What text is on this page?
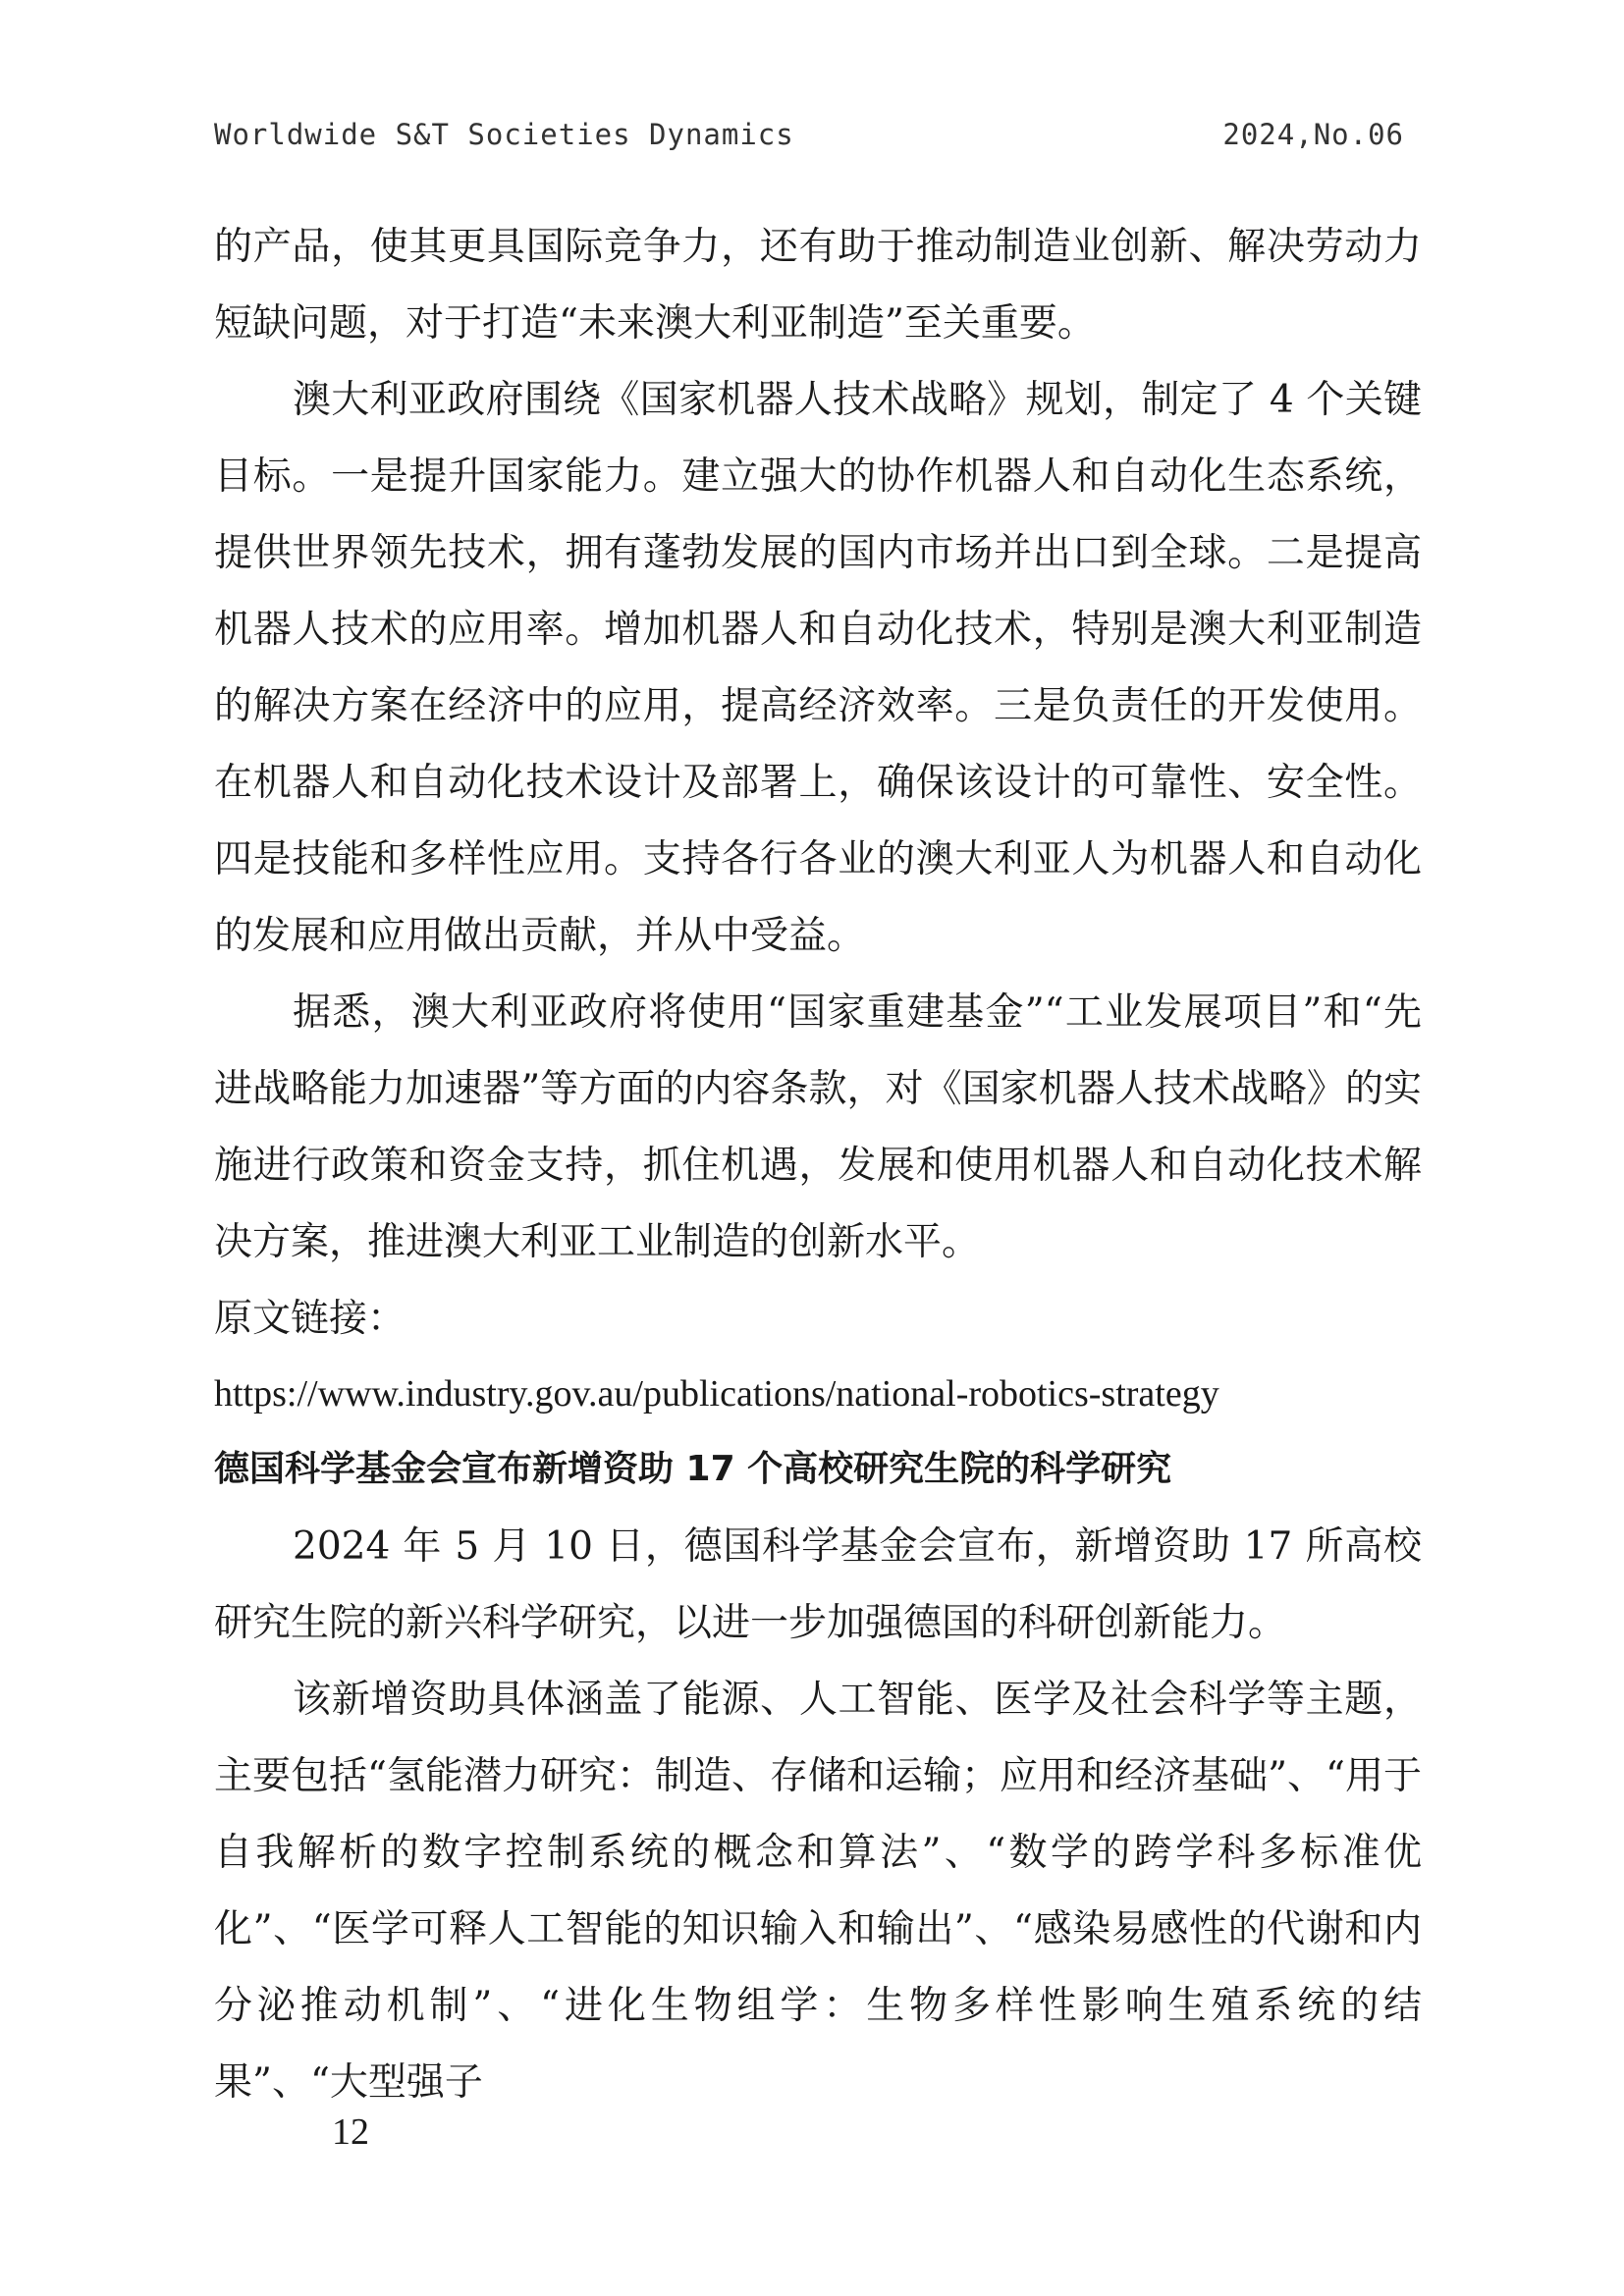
Worldwide S&T Societies Dynamics	2024,No.06

的产品，使其更具国际竞争力，还有助于推动制造业创新、解决劳动力短缺问题，对于打造“未来澳大利亚制造”至关重要。

澳大利亚政府围绕《国家机器人技术战略》规划，制定了 4 个关键目标。一是提升国家能力。建立强大的协作机器人和自动化生态系统，提供世界领先技术，拥有蓬勃发展的国内市场并出口到全球。二是提高机器人技术的应用率。增加机器人和自动化技术，特别是澳大利亚制造的解决方案在经济中的应用，提高经济效率。三是负责任的开发使用。在机器人和自动化技术设计及部署上，确保该设计的可靠性、安全性。四是技能和多样性应用。支持各行各业的澳大利亚人为机器人和自动化的发展和应用做出贡献，并从中受益。

据悉，澳大利亚政府将使用“国家重建基金”“工业发展项目”和“先进战略能力加速器”等方面的内容条款，对《国家机器人技术战略》的实施进行政策和资金支持，抓住机遇，发展和使用机器人和自动化技术解决方案，推进澳大利亚工业制造的创新水平。

原文链接：

https://www.industry.gov.au/publications/national-robotics-strategy

德国科学基金会宣布新增资助 17 个高校研究生院的科学研究

2024 年 5 月 10 日，德国科学基金会宣布，新增资助 17 所高校研究生院的新兴科学研究，以进一步加强德国的科研创新能力。

该新增资助具体涵盖了能源、人工智能、医学及社会科学等主题，主要包括“氢能潜力研究：制造、存储和运输；应用和经济基础”、“用于自我解析的数字控制系统的概念和算法”、“数学的跨学科多标准优化”、“医学可释人工智能的知识输入和输出”、“感染易感性的代谢和内分泌推动机制”、“进化生物组学：生物多样性影响生殖系统的结果”、“大型强子

12
